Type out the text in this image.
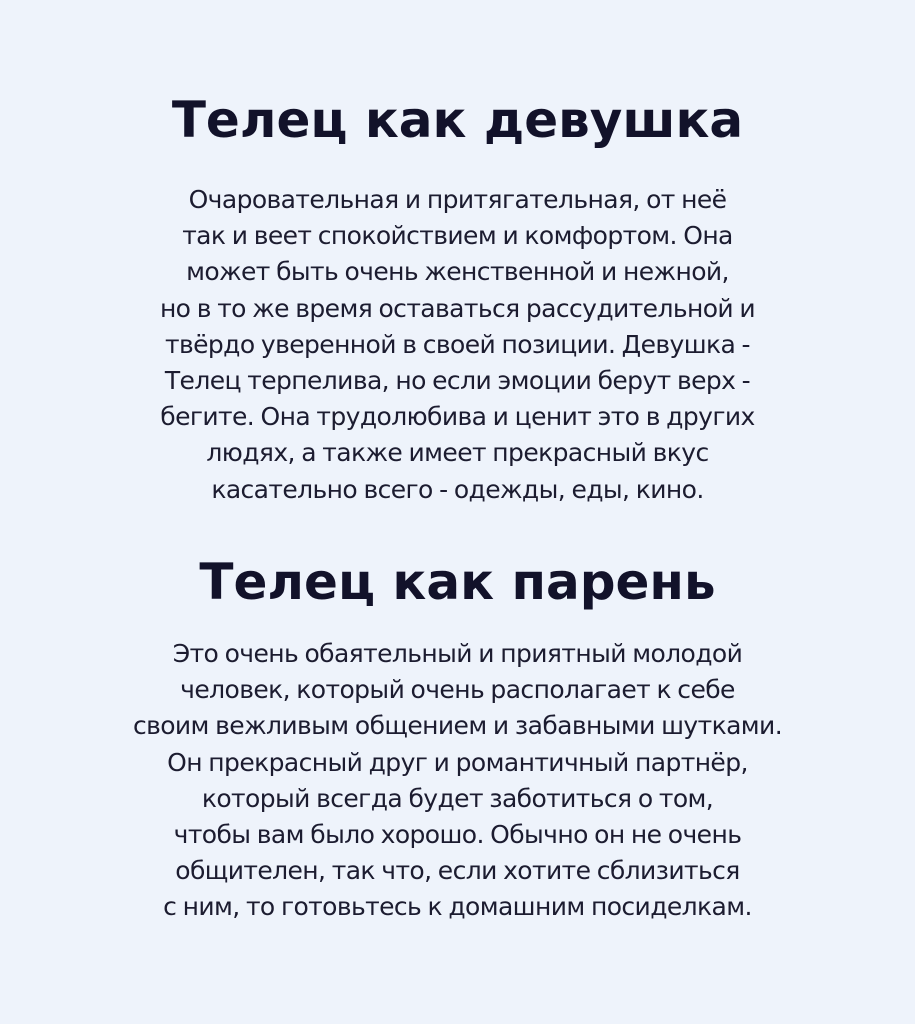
Телец как девушка
Очаровательная и притягательная, от неё
так и веет спокойствием и комфортом. Она
может быть очень женственной и нежной,
но в то же время оставаться рассудительной и
твёрдо уверенной в своей позиции. Девушка -
Телец терпелива, но если эмоции берут верх -
бегите. Она трудолюбива и ценит это в других
людях, а также имеет прекрасный вкус
касательно всего - одежды, еды, кино.
Телец как парень
Это очень обаятельный и приятный молодой
человек, который очень располагает к себе
своим вежливым общением и забавными шутками.
Он прекрасный друг и романтичный партнёр,
который всегда будет заботиться о том,
чтобы вам было хорошо. Обычно он не очень
общителен, так что, если хотите сблизиться
с ним, то готовьтесь к домашним посиделкам.
